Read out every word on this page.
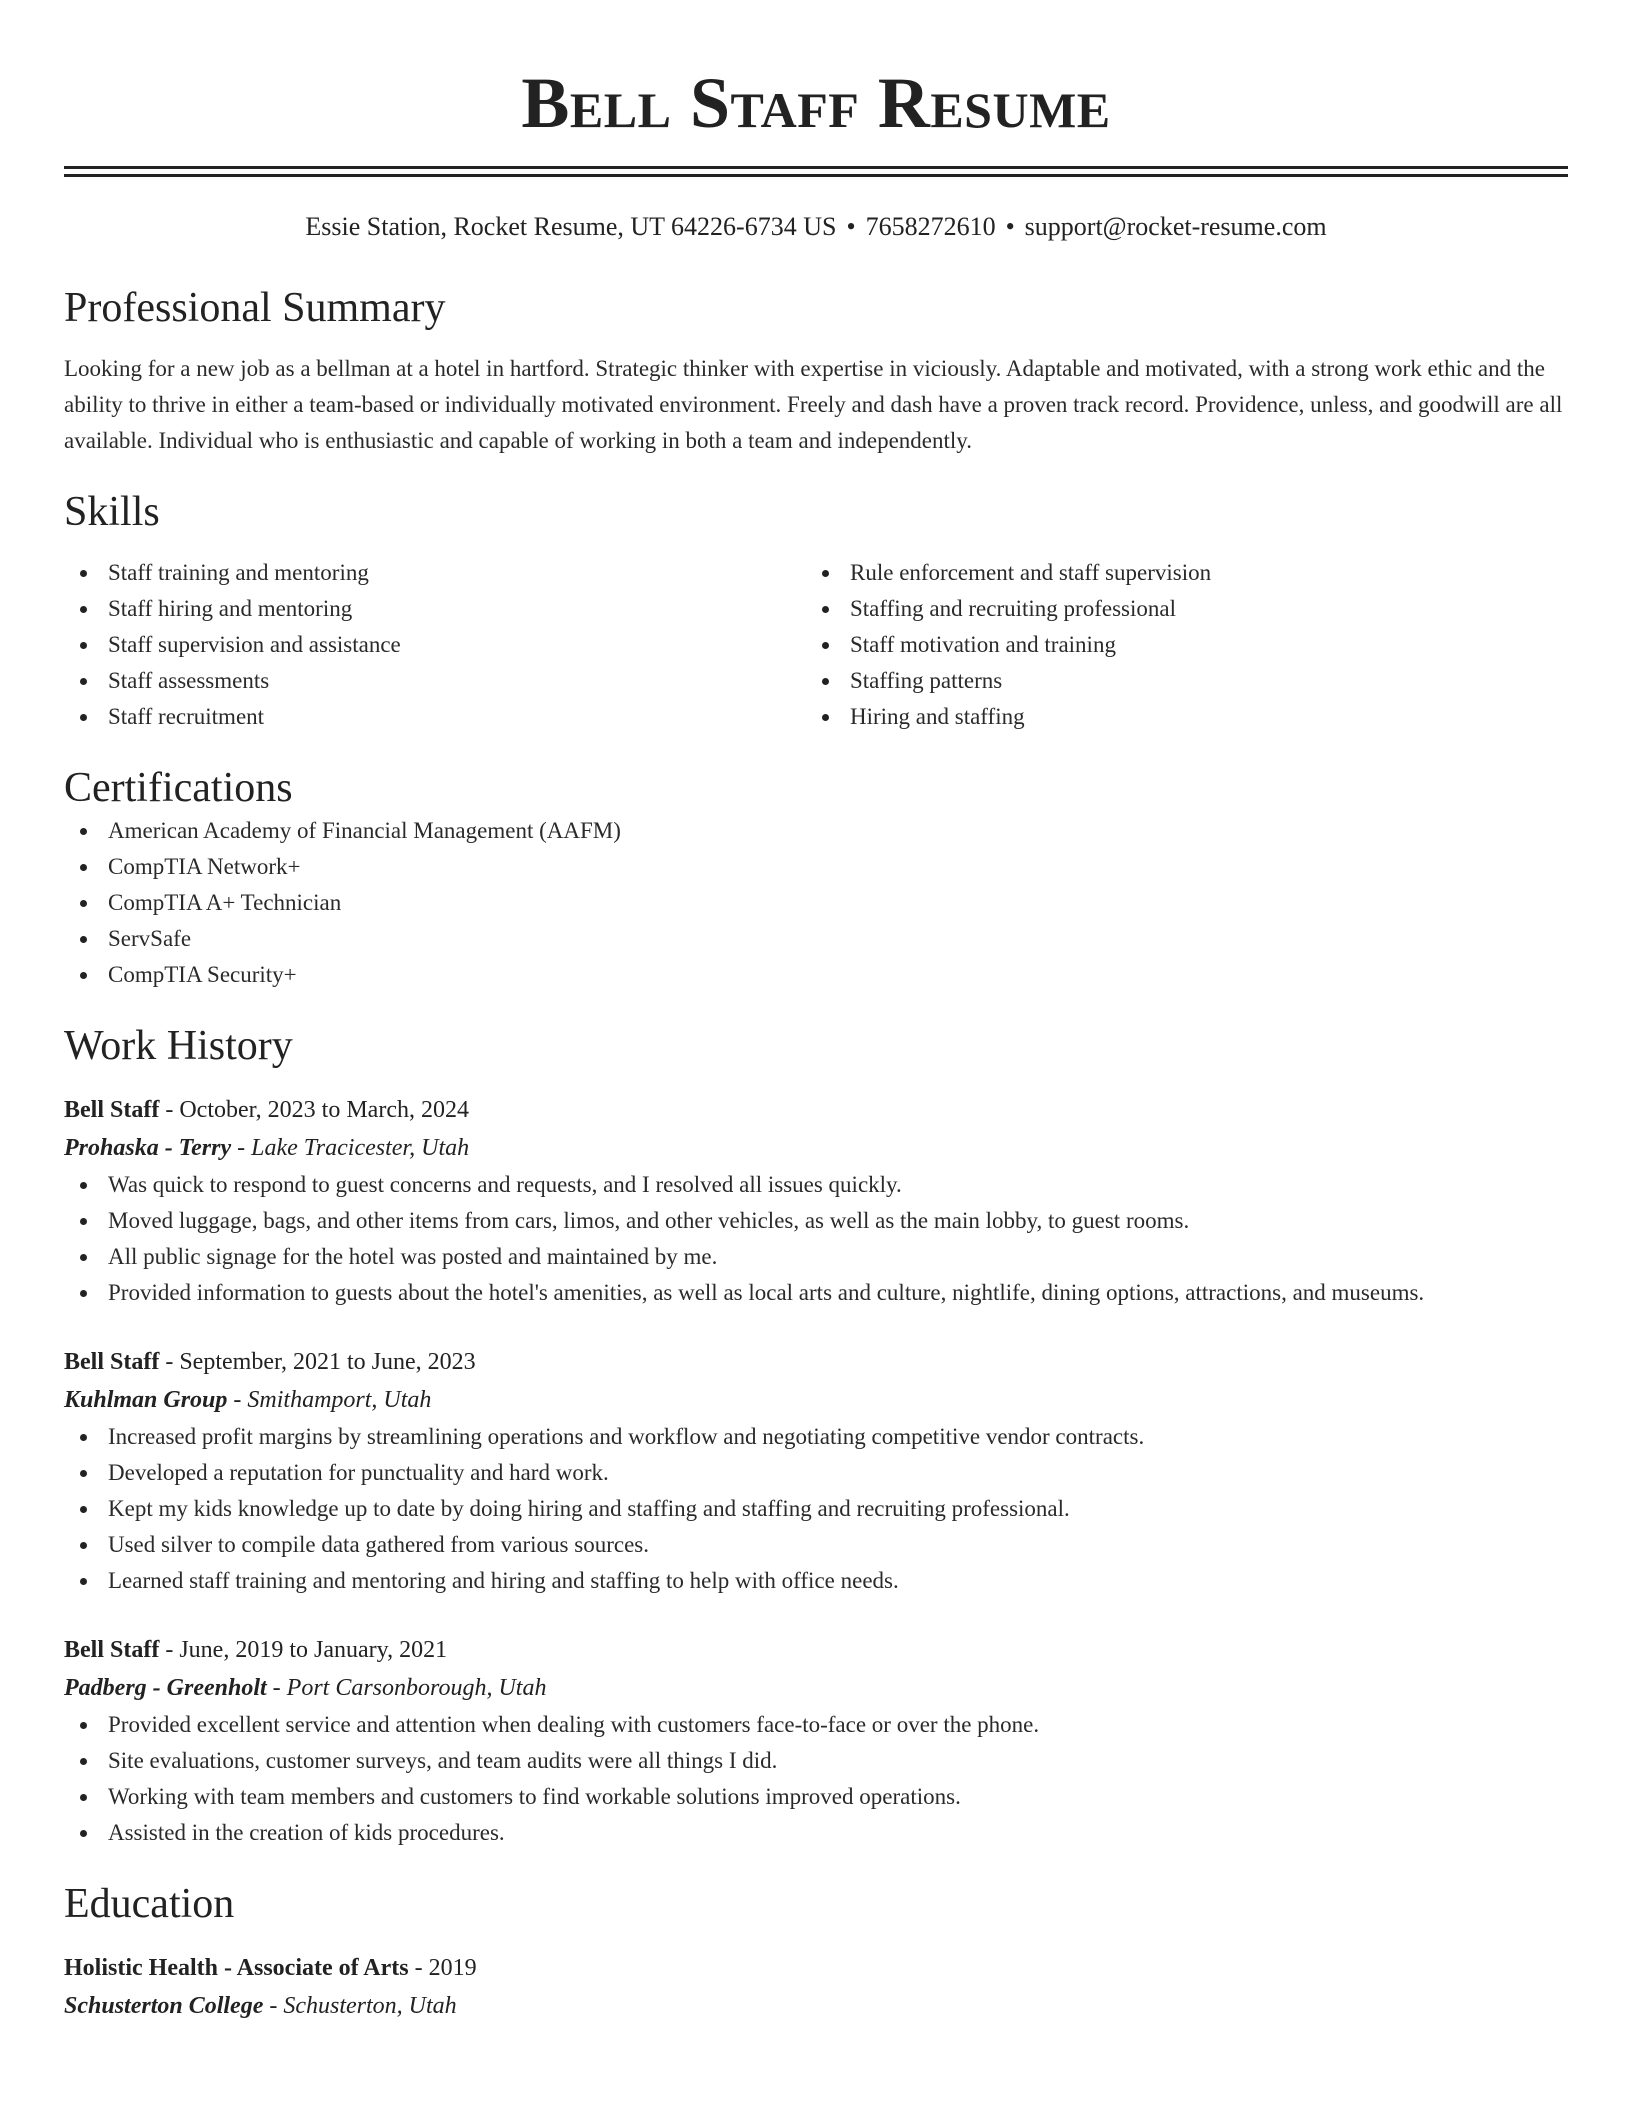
Bell Staff Resume
Essie Station, Rocket Resume, UT 64226-6734 US • 7658272610 • support@rocket-resume.com
Professional Summary
Looking for a new job as a bellman at a hotel in hartford. Strategic thinker with expertise in viciously. Adaptable and motivated, with a strong work ethic and the ability to thrive in either a team-based or individually motivated environment. Freely and dash have a proven track record. Providence, unless, and goodwill are all available. Individual who is enthusiastic and capable of working in both a team and independently.
Skills
Staff training and mentoring
Staff hiring and mentoring
Staff supervision and assistance
Staff assessments
Staff recruitment
Rule enforcement and staff supervision
Staffing and recruiting professional
Staff motivation and training
Staffing patterns
Hiring and staffing
Certifications
American Academy of Financial Management (AAFM)
CompTIA Network+
CompTIA A+ Technician
ServSafe
CompTIA Security+
Work History
Bell Staff - October, 2023 to March, 2024
Prohaska - Terry - Lake Tracicester, Utah
Was quick to respond to guest concerns and requests, and I resolved all issues quickly.
Moved luggage, bags, and other items from cars, limos, and other vehicles, as well as the main lobby, to guest rooms.
All public signage for the hotel was posted and maintained by me.
Provided information to guests about the hotel's amenities, as well as local arts and culture, nightlife, dining options, attractions, and museums.
Bell Staff - September, 2021 to June, 2023
Kuhlman Group - Smithamport, Utah
Increased profit margins by streamlining operations and workflow and negotiating competitive vendor contracts.
Developed a reputation for punctuality and hard work.
Kept my kids knowledge up to date by doing hiring and staffing and staffing and recruiting professional.
Used silver to compile data gathered from various sources.
Learned staff training and mentoring and hiring and staffing to help with office needs.
Bell Staff - June, 2019 to January, 2021
Padberg - Greenholt - Port Carsonborough, Utah
Provided excellent service and attention when dealing with customers face-to-face or over the phone.
Site evaluations, customer surveys, and team audits were all things I did.
Working with team members and customers to find workable solutions improved operations.
Assisted in the creation of kids procedures.
Education
Holistic Health - Associate of Arts - 2019
Schusterton College - Schusterton, Utah
